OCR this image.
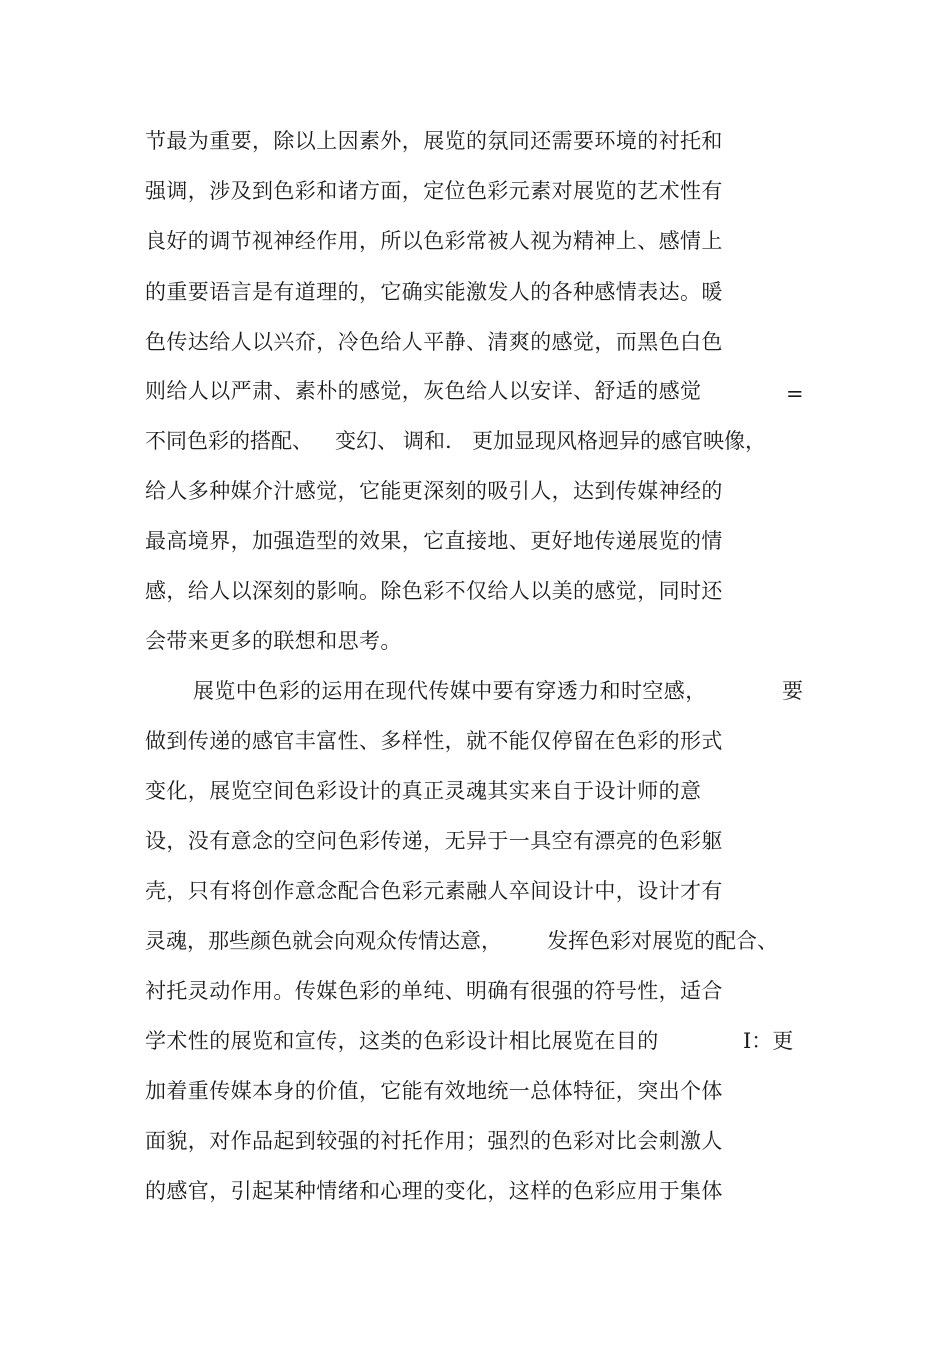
节最为重要，除以上因素外，展览的氛同还需要环境的衬托和
强调，涉及到色彩和诸方面，定位色彩元素对展览的艺术性有
良好的调节视神经作用，所以色彩常被人视为精神上、感情上
的重要语言是有道理的，它确实能激发人的各种感情表达。暖
色传达给人以兴夼，冷色给人平静、清爽的感觉，而黑色白色
则给人以严肃、素朴的感觉，灰色给人以安详、舒适的感觉	=
不同色彩的搭配、 变幻、 调和. 更加显现风格迥异的感官映像，
给人多种媒介汁感觉，它能更深刻的吸引人，达到传媒神经的
最高境界，加强造型的效果，它直接地、更好地传递展览的情
感，给人以深刻的影响。除色彩不仅给人以美的感觉，同时还
会带来更多的联想和思考。
展览中色彩的运用在现代传媒中要有穿透力和时空感，	要
做到传递的感官丰富性、多样性，就不能仅停留在色彩的形式
变化，展览空间色彩设计的真正灵魂其实来自于设计师的意
设，没有意念的空问色彩传递，无异于一具空有漂亮的色彩躯
壳，只有将创作意念配合色彩元素融人卒间设计中，设计才有
灵魂，那些颜色就会向观众传情达意， 发挥色彩对展览的配合、
衬托灵动作用。传媒色彩的单纯、明确有很强的符号性，适合
学术性的展览和宣传，这类的色彩设计相比展览在目的	I：更
加着重传媒本身的价值，它能有效地统一总体特征，突出个体
面貌，对作品起到较强的衬托作用；强烈的色彩对比会刺激人
的感官，引起某种情绪和心理的变化，这样的色彩应用于集体
